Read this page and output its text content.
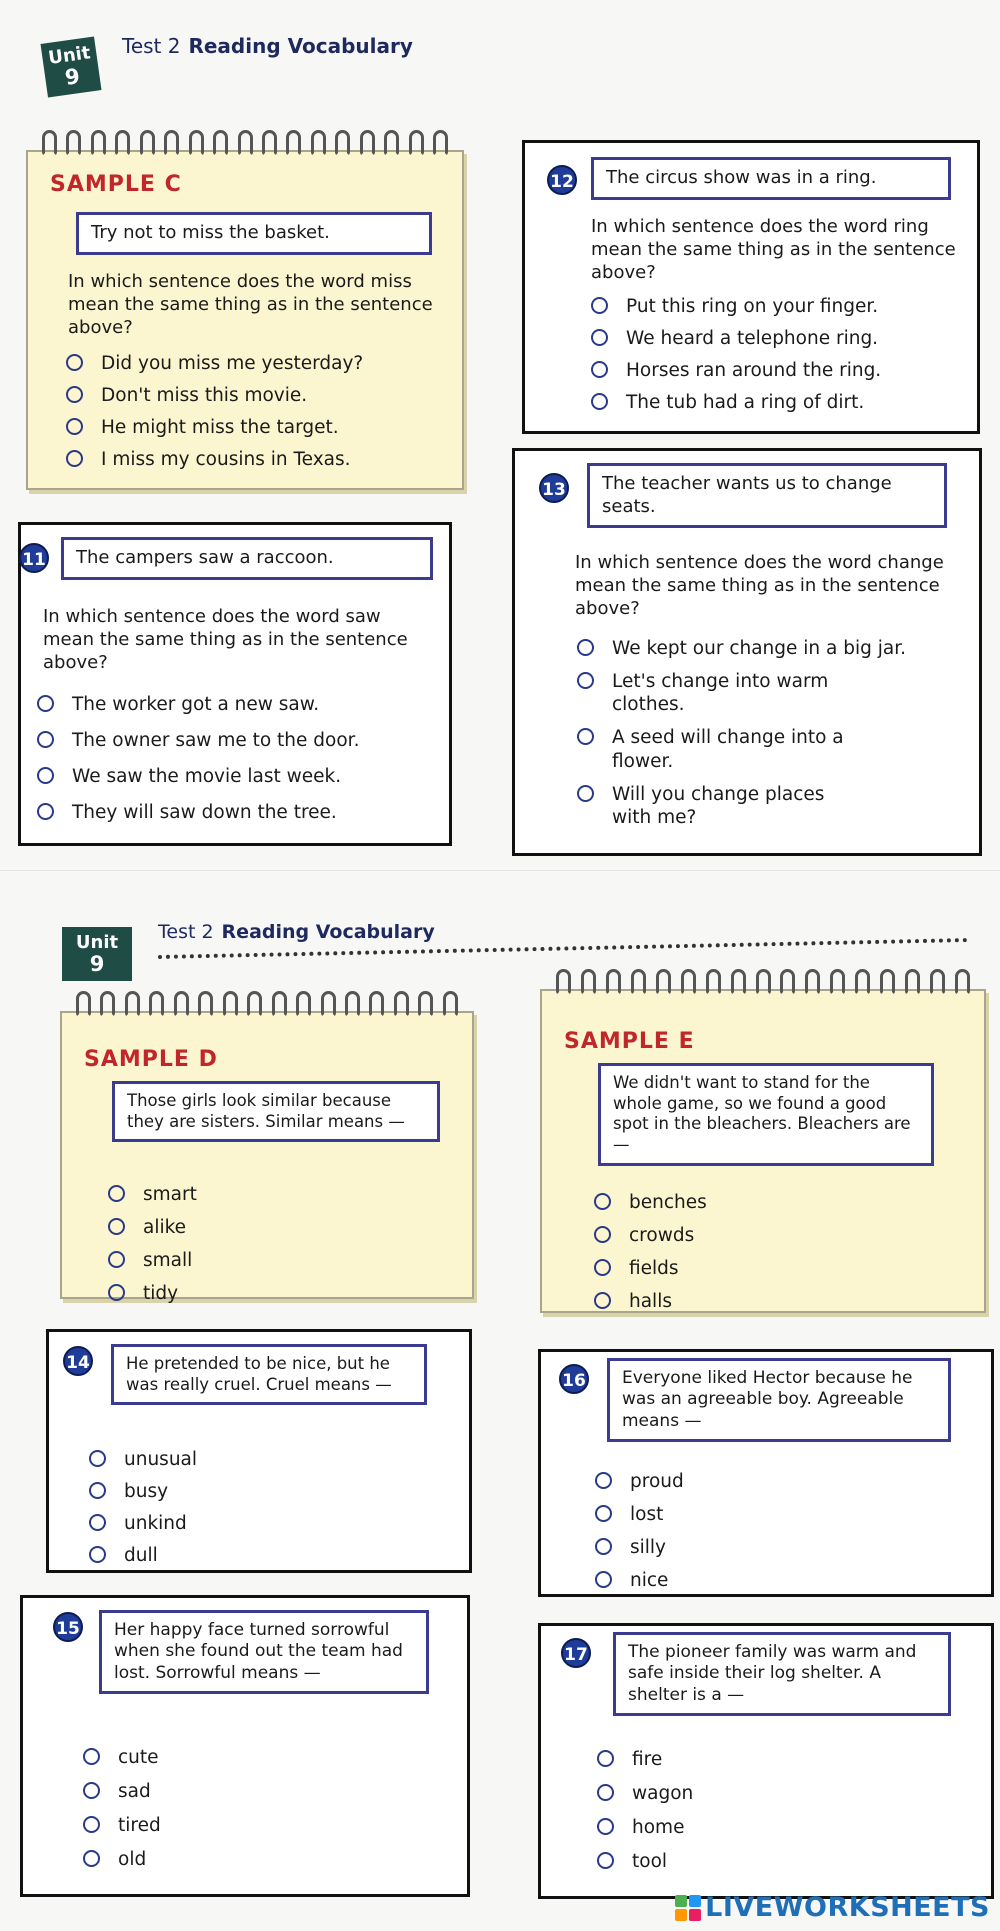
Unit
9
Test 2 Reading Vocabulary
SAMPLE C
Try not to miss the basket.
In which sentence does the word miss mean the same thing as in the sentence above?
Did you miss me yesterday?
Don't miss this movie.
He might miss the target.
I miss my cousins in Texas.
11	The campers saw a raccoon.
In which sentence does the word saw mean the same thing as in the sentence above?
The worker got a new saw.
The owner saw me to the door.
We saw the movie last week.
They will saw down the tree.
12	The circus show was in a ring.
In which sentence does the word ring mean the same thing as in the sentence above?
Put this ring on your finger.
We heard a telephone ring.
Horses ran around the ring.
The tub had a ring of dirt.
13	The teacher wants us to change seats.
In which sentence does the word change mean the same thing as in the sentence above?
We kept our change in a big jar.
Let's change into warm clothes.
A seed will change into a flower.
Will you change places with me?
Unit
9
Test 2 Reading Vocabulary
SAMPLE D
Those girls look similar because they are sisters. Similar means —
smart
alike
small
tidy
SAMPLE E
We didn't want to stand for the whole game, so we found a good spot in the bleachers. Bleachers are —
benches
crowds
fields
halls
14	He pretended to be nice, but he was really cruel. Cruel means —
unusual
busy
unkind
dull
15	Her happy face turned sorrowful when she found out the team had lost. Sorrowful means —
cute
sad
tired
old
16	Everyone liked Hector because he was an agreeable boy. Agreeable means —
proud
lost
silly
nice
17	The pioneer family was warm and safe inside their log shelter. A shelter is a —
fire
wagon
home
tool
LIVEWORKSHEETS
